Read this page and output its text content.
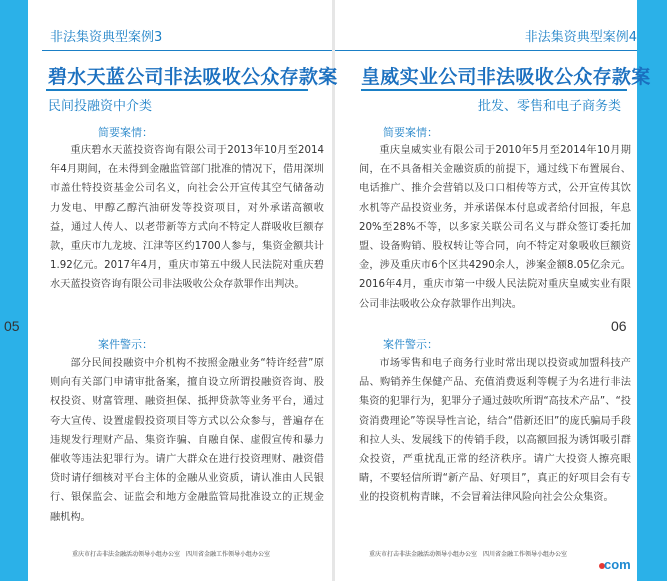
非法集资典型案例3
碧水天蓝公司非法吸收公众存款案
民间投融资中介类
简要案情：
重庆碧水天蓝投资咨询有限公司于2013年10月至2014年4月期间，在未得到金融监管部门批准的情况下，借用深圳市盖仕特投资基金公司名义，向社会公开宣传其空气储备动力发电、甲醇乙醇汽油研发等投资项目，对外承诺高额收益，通过人传人、以老带新等方式向不特定人群吸收巨额存款，重庆市九龙坡、江津等区约1700人参与，集资金额共计1.92亿元。2017年4月，重庆市第五中级人民法院对重庆碧水天蓝投资咨询有限公司非法吸收公众存款罪作出判决。
案件警示：
部分民间投融资中介机构不按照金融业务“特许经营”原则向有关部门申请审批备案，擅自设立所谓投融资咨询、股权投资、财富管理、融资担保、抵押贷款等业务平台，通过夸大宣传、设置虚假投资项目等方式以公众参与，普遍存在违规发行理财产品、集资诈骗、自融自保、虚假宣传和暴力催收等违法犯罪行为。请广大群众在进行投资理财、融资借贷时请仔细核对平台主体的金融从业资质，请认准由人民银行、银保监会、证监会和地方金融监管局批准设立的正规金融机构。
05
重庆市打击非法金融活动领导小组办公室　四川省金融工作领导小组办公室
非法集资典型案例4
皇威实业公司非法吸收公众存款案
批发、零售和电子商务类
简要案情：
重庆皇威实业有限公司于2010年5月至2014年10月期间，在不具备相关金融资质的前提下，通过线下布置展台、电话推广、推介会营销以及口口相传等方式，公开宣传其饮水机等产品投资业务，并承诺保本付息或者给付回报，年息20%至28%不等，以多家关联公司名义与群众签订委托加盟、设备购销、股权转让等合同，向不特定对象吸收巨额资金，涉及重庆市6个区共4290余人，涉案金额8.05亿余元。2016年4月，重庆市第一中级人民法院对重庆皇威实业有限公司非法吸收公众存款罪作出判决。
案件警示：
市场零售和电子商务行业时常出现以投资或加盟科技产品、购销养生保健产品、充值消费返利等幌子为名进行非法集资的犯罪行为，犯罪分子通过鼓吹所谓“高技术产品”、“投资消费理论”等误导性言论，结合“借新还旧”的庞氏骗局手段和拉人头、发展线下的传销手段，以高额回报为诱饵吸引群众投资，严重扰乱正常的经济秩序。请广大投资人擦亮眼睛，不要轻信所谓“新产品、好项目”，真正的好项目会有专业的投资机构青睐，不会冒着法律风险向社会公众集资。
06
重庆市打击非法金融活动领导小组办公室　四川省金融工作领导小组办公室
com
